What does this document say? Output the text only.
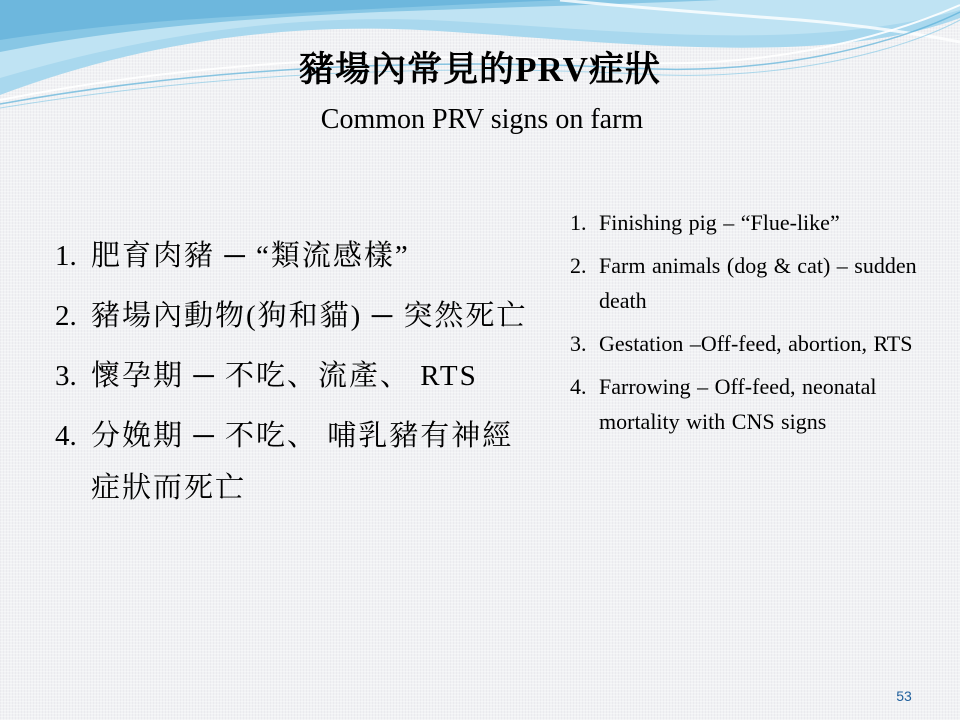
豬場內常見的PRV症狀
Common PRV signs on farm
1. 肥育肉豬 ─ “類流感樣”
2. 豬場內動物(狗和貓) ─ 突然死亡
3. 懷孕期 ─ 不吃、流產、 RTS
4. 分娩期 ─ 不吃、 哺乳豬有神經症狀而死亡
1. Finishing pig – “Flue-like”
2. Farm animals (dog & cat) – sudden death
3. Gestation –Off-feed, abortion, RTS
4. Farrowing – Off-feed, neonatal mortality with CNS signs
53
